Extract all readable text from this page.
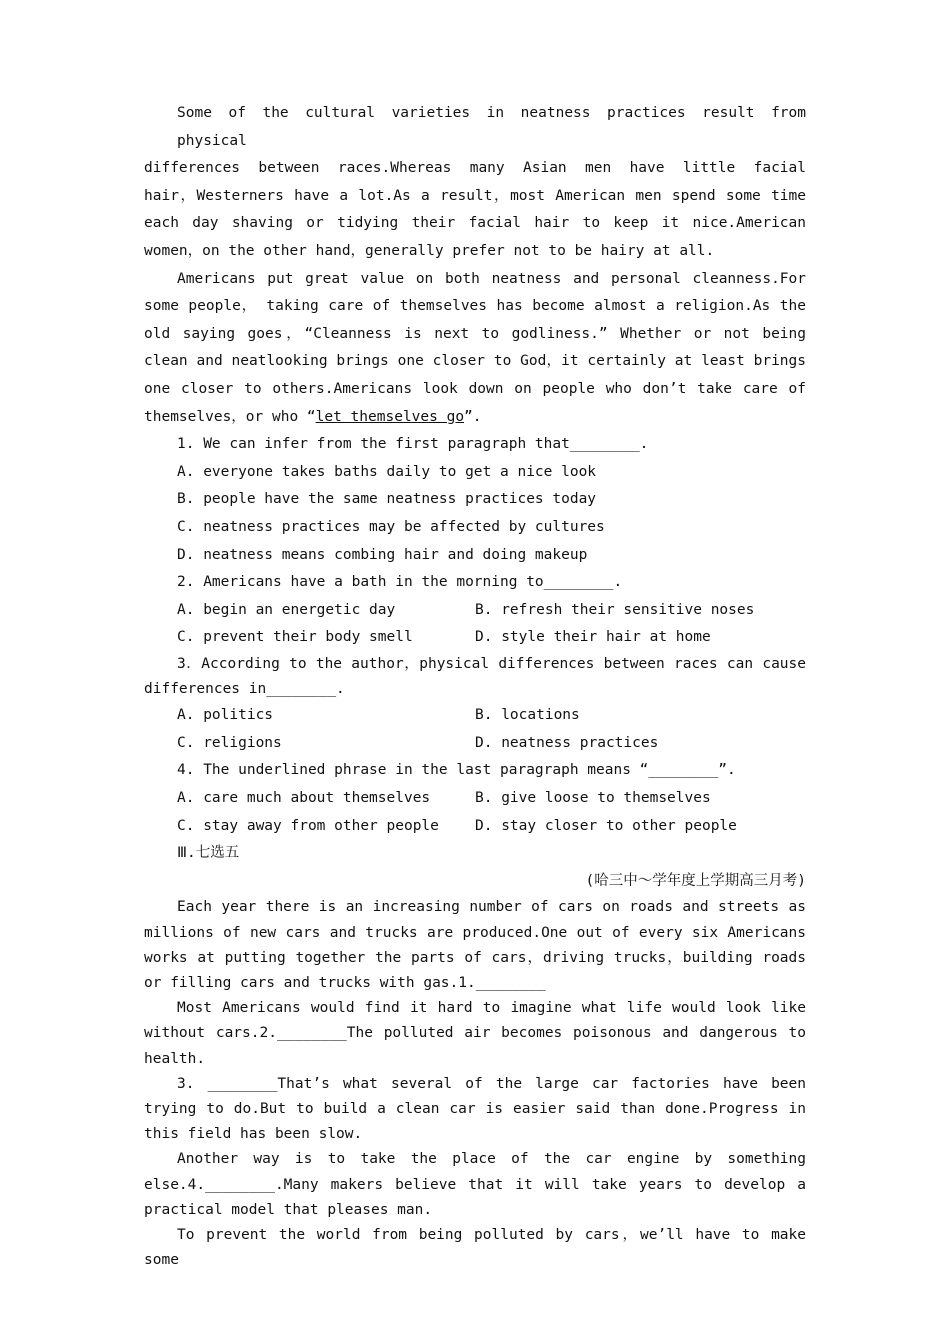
Some of the cultural varieties in neatness practices result from physical
differences between races.Whereas many Asian men have little facial
hair，Westerners have a lot.As a result，most American men spend some time each day shaving or tidying their facial hair to keep it nice.American women，on the other hand，generally prefer not to be hairy at all.

Americans put great value on both neatness and personal cleanness.For some people， taking care of themselves has become almost a religion.As the old saying goes，“Cleanness is next to godliness.” Whether or not being clean and neatlooking brings one closer to God，it certainly at least brings one closer to others.Americans look down on people who don’t take care of themselves，or who “let themselves go”.

1. We can infer from the first paragraph that________.

A. everyone takes baths daily to get a nice look

B. people have the same neatness practices today

C. neatness practices may be affected by cultures

D. neatness means combing hair and doing makeup

2. Americans have a bath in the morning to________.

A. begin an energetic day	B. refresh their sensitive noses
C. prevent their body smell	D. style their hair at home

3．According to the author，physical differences between races can cause differences in________.

A. politics	B. locations
C. religions	D. neatness practices

4. The underlined phrase in the last paragraph means “________”.

A. care much about themselves	B. give loose to themselves
C. stay away from other people	D. stay closer to other people

Ⅲ.七选五

(哈三中～学年度上学期高三月考)

Each year there is an increasing number of cars on roads and streets as millions of new cars and trucks are produced.One out of every six Americans works at putting together the parts of cars，driving trucks，building roads or filling cars and trucks with gas.1.________

Most Americans would find it hard to imagine what life would look like without cars.2.________The polluted air becomes poisonous and dangerous to health.

3. ________That’s what several of the large car factories have been trying to do.But to build a clean car is easier said than done.Progress in this field has been slow.

Another way is to take the place of the car engine by something else.4.________.Many makers believe that it will take years to develop a practical model that pleases man.

To prevent the world from being polluted by cars，we’ll have to make some
